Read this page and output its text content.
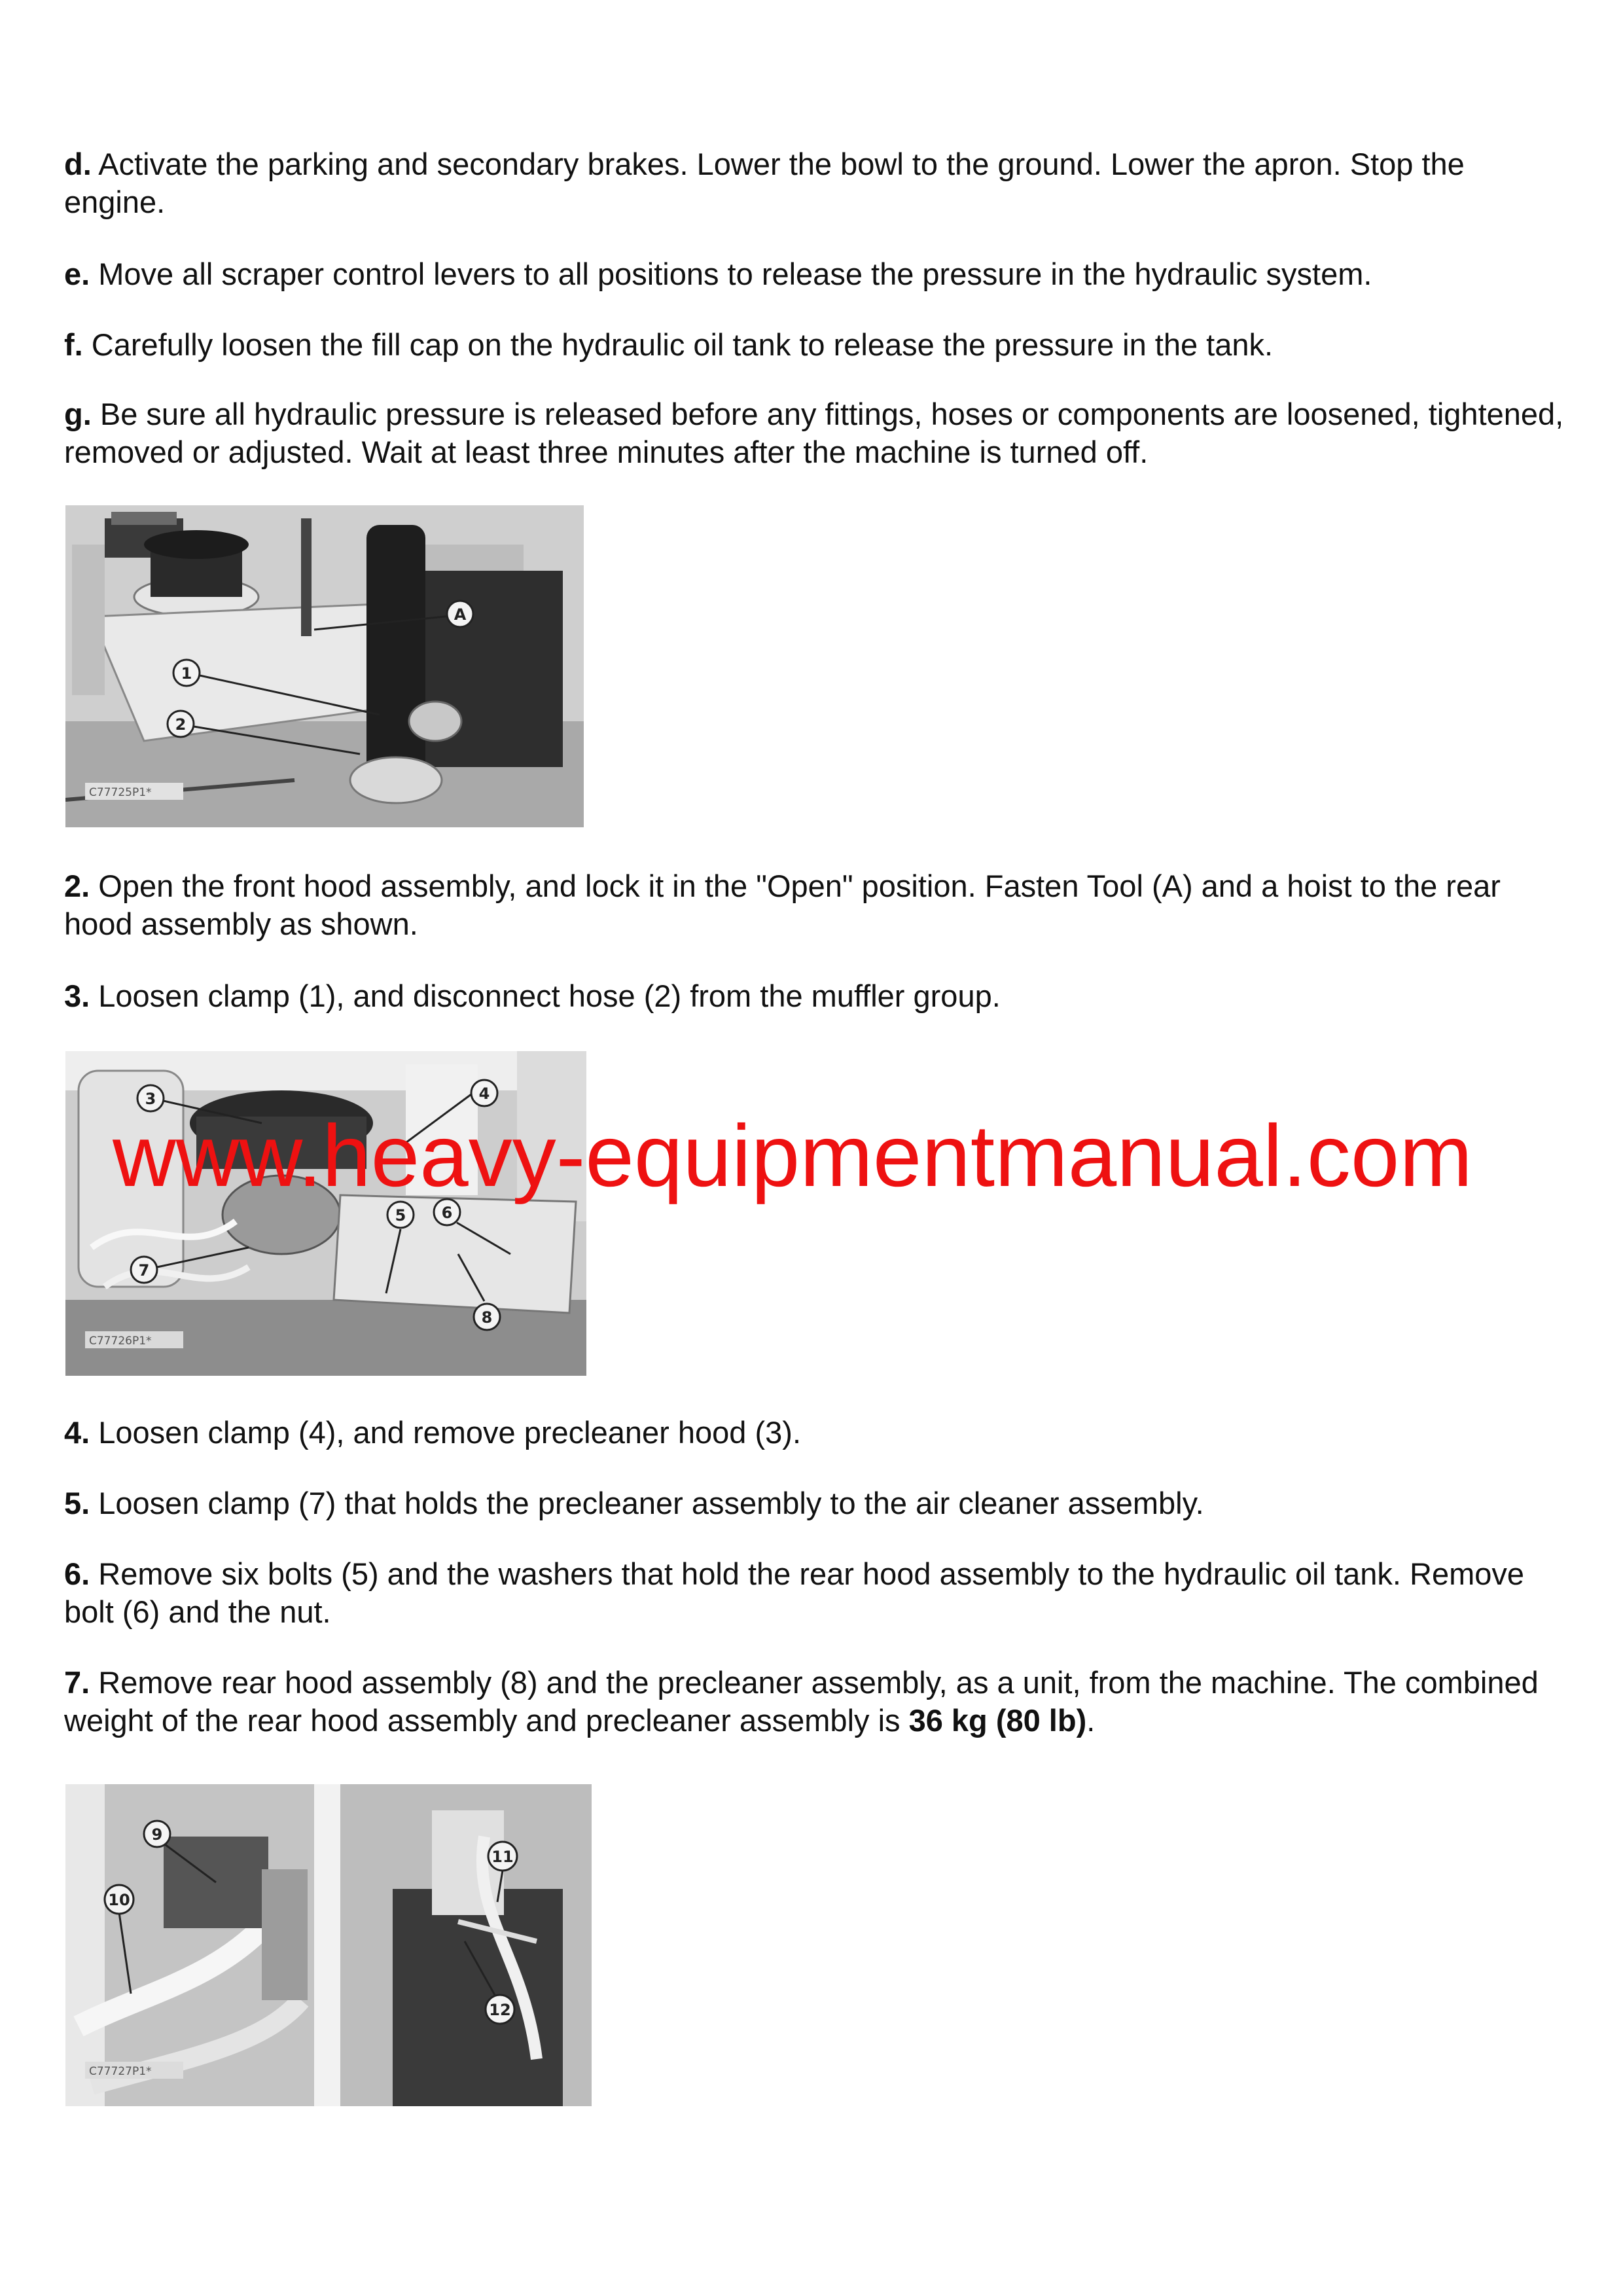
d. Activate the parking and secondary brakes. Lower the bowl to the ground. Lower the apron. Stop the engine.

e. Move all scraper control levers to all positions to release the pressure in the hydraulic system.

f. Carefully loosen the fill cap on the hydraulic oil tank to release the pressure in the tank.

g. Be sure all hydraulic pressure is released before any fittings, hoses or components are loosened, tightened, removed or adjusted. Wait at least three minutes after the machine is turned off.

A
1
2
C77725P1*

2. Open the front hood assembly, and lock it in the "Open" position. Fasten Tool (A) and a hoist to the rear hood assembly as shown.

3. Loosen clamp (1), and disconnect hose (2) from the muffler group.

3	4
5 6
7
8
C77726P1*
www.heavy-equipmentmanual.com

4. Loosen clamp (4), and remove precleaner hood (3).

5. Loosen clamp (7) that holds the precleaner assembly to the air cleaner assembly.

6. Remove six bolts (5) and the washers that hold the rear hood assembly to the hydraulic oil tank. Remove bolt (6) and the nut.

7. Remove rear hood assembly (8) and the precleaner assembly, as a unit, from the machine. The combined weight of the rear hood assembly and precleaner assembly is 36 kg (80 lb).

9
10
11
12
C77727P1*
